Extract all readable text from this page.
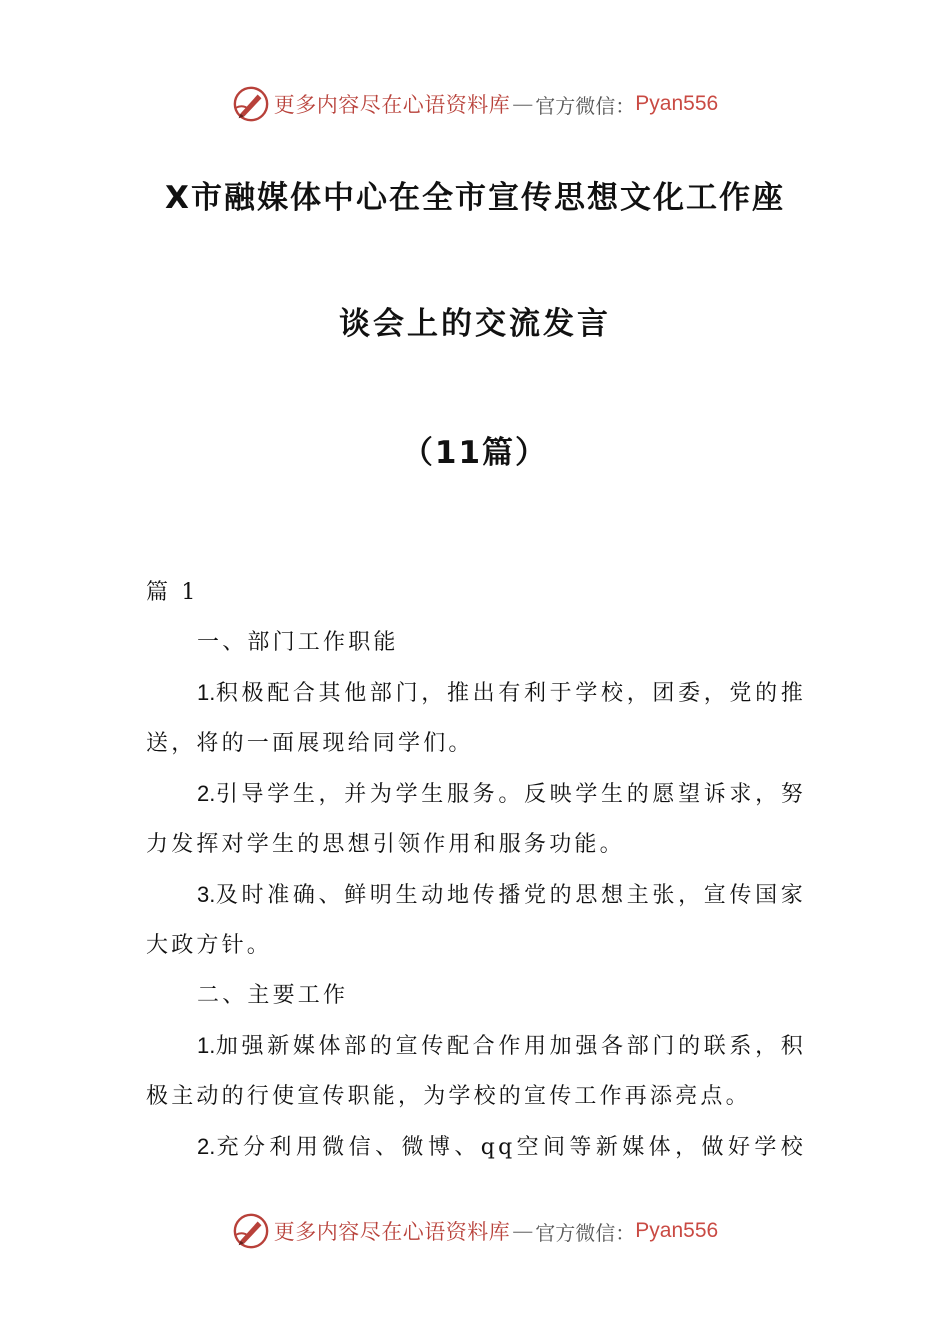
更多内容尽在心语资料库 — 官方微信： Pyan556
X市融媒体中心在全市宣传思想文化工作座
谈会上的交流发言
（11篇）

篇 1

一、部门工作职能

1.积极配合其他部门，推出有利于学校，团委，党的推

送，将的一面展现给同学们。

2.引导学生，并为学生服务。反映学生的愿望诉求，努

力发挥对学生的思想引领作用和服务功能。

3.及时准确、鲜明生动地传播党的思想主张，宣传国家

大政方针。

二、主要工作

1.加强新媒体部的宣传配合作用加强各部门的联系，积

极主动的行使宣传职能，为学校的宣传工作再添亮点。

2.充分利用微信、微博、qq空间等新媒体，做好学校

更多内容尽在心语资料库 — 官方微信： Pyan556
